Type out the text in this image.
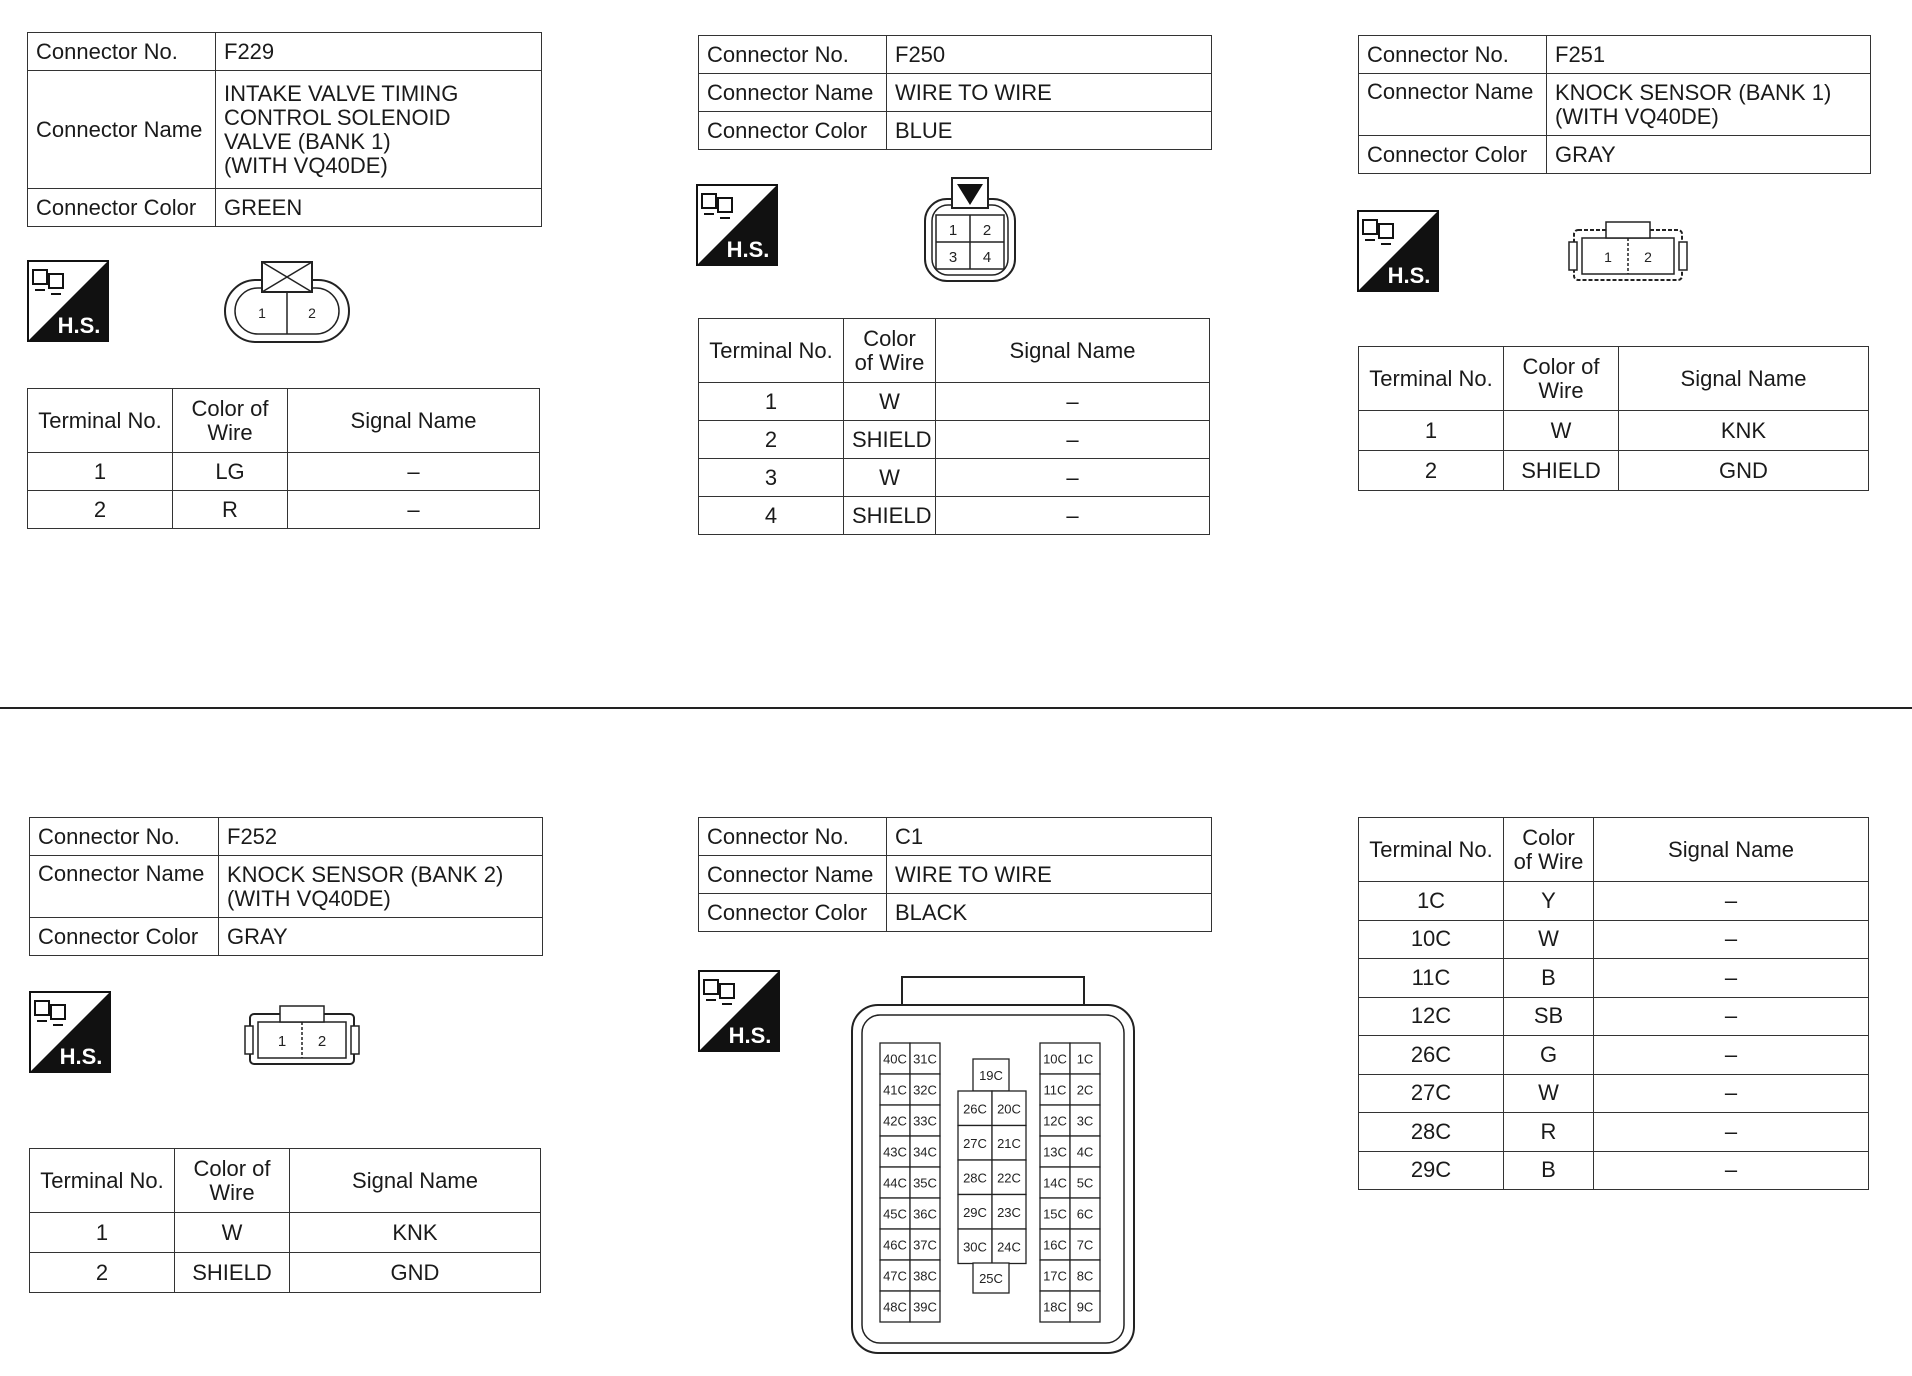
Connector No.	F229
Connector Name	INTAKE VALVE TIMING
CONTROL SOLENOID
VALVE (BANK 1)
(WITH VQ40DE)

Connector Color	GREEN
H.S.	1	2
Terminal No.	Color of Wire	Signal Name
1	LG	–
2	R	–
Connector No.	F250
Connector Name	WIRE TO WIRE
Connector Color	BLUE
H.S.
1 2
3 4
Terminal No.	Color of Wire	Signal Name
1	W	–
2	SHIELD	–
3	W	–
4	SHIELD	–
Connector No.	F251
Connector Name	KNOCK SENSOR (BANK 1)
(WITH VQ40DE)

Connector Color	GRAY
H.S.
1 2
Terminal No.	Color of Wire	Signal Name
1	W	KNK
2	SHIELD	GND
Connector No.	F252
Connector Name	KNOCK SENSOR (BANK 2)
(WITH VQ40DE)

Connector Color	GRAY
H.S.
1 2
Terminal No.	Color of Wire	Signal Name
1	W	KNK
2	SHIELD	GND
Connector No.	C1
Connector Name	WIRE TO WIRE
Connector Color	BLACK
H.S.
40C 31C
41C 32C
42C 33C
43C 34C
44C 35C
45C 36C
46C 37C
47C 38C
48C 39C
10C 1C
11C 2C
12C 3C
13C 4C
14C 5C
15C 6C
16C 7C
17C 8C
18C 9C
19C
26C 20C
27C 21C
28C 22C
29C 23C
30C 24C
25C
Terminal No.	Color of Wire	Signal Name
1C	Y	–
10C	W	–
11C	B	–
12C	SB	–
26C	G	–
27C	W	–
28C	R	–
29C	B	–
